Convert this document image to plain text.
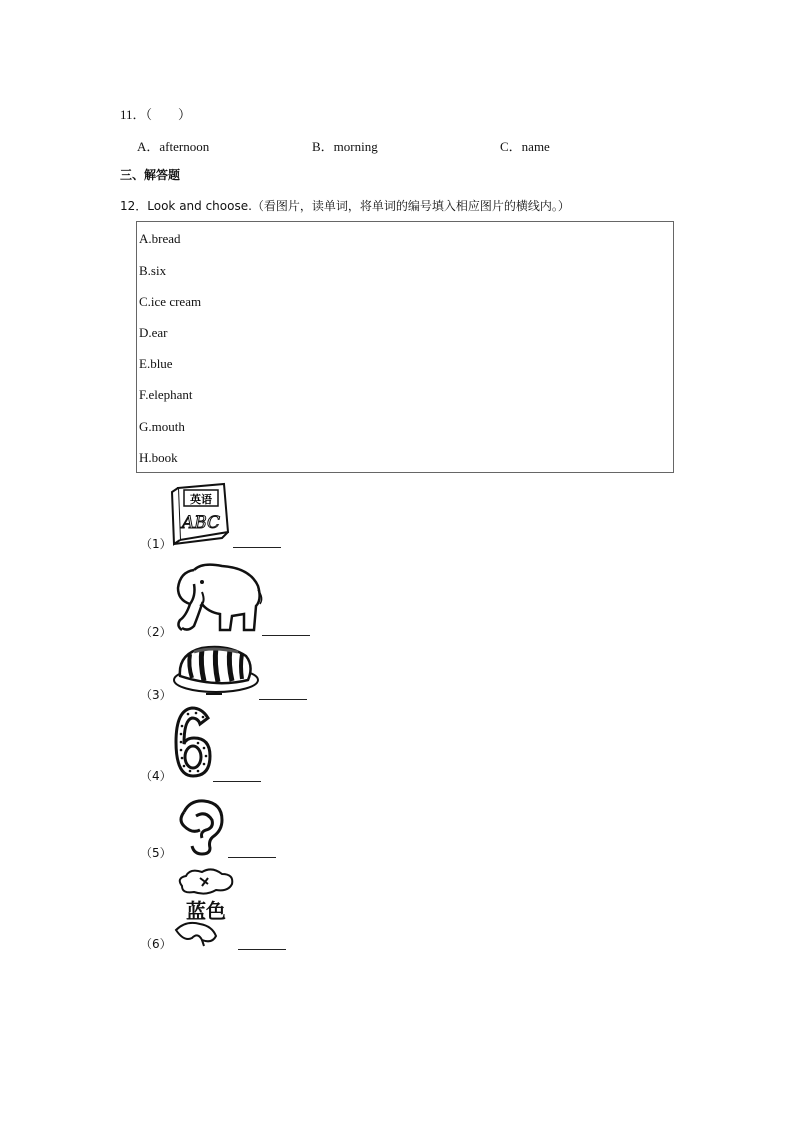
11．（　　）
A．afternoon	B．morning	C．name
三、解答题
12．Look and choose.（看图片，读单词，将单词的编号填入相应图片的横线内。）
A.bread
B.six
C.ice cream
D.ear
E.blue
F.elephant
G.mouth
H.book
（1）
英语
ABC
（2）
（3）
（4）
（5）
（6）
蓝色
